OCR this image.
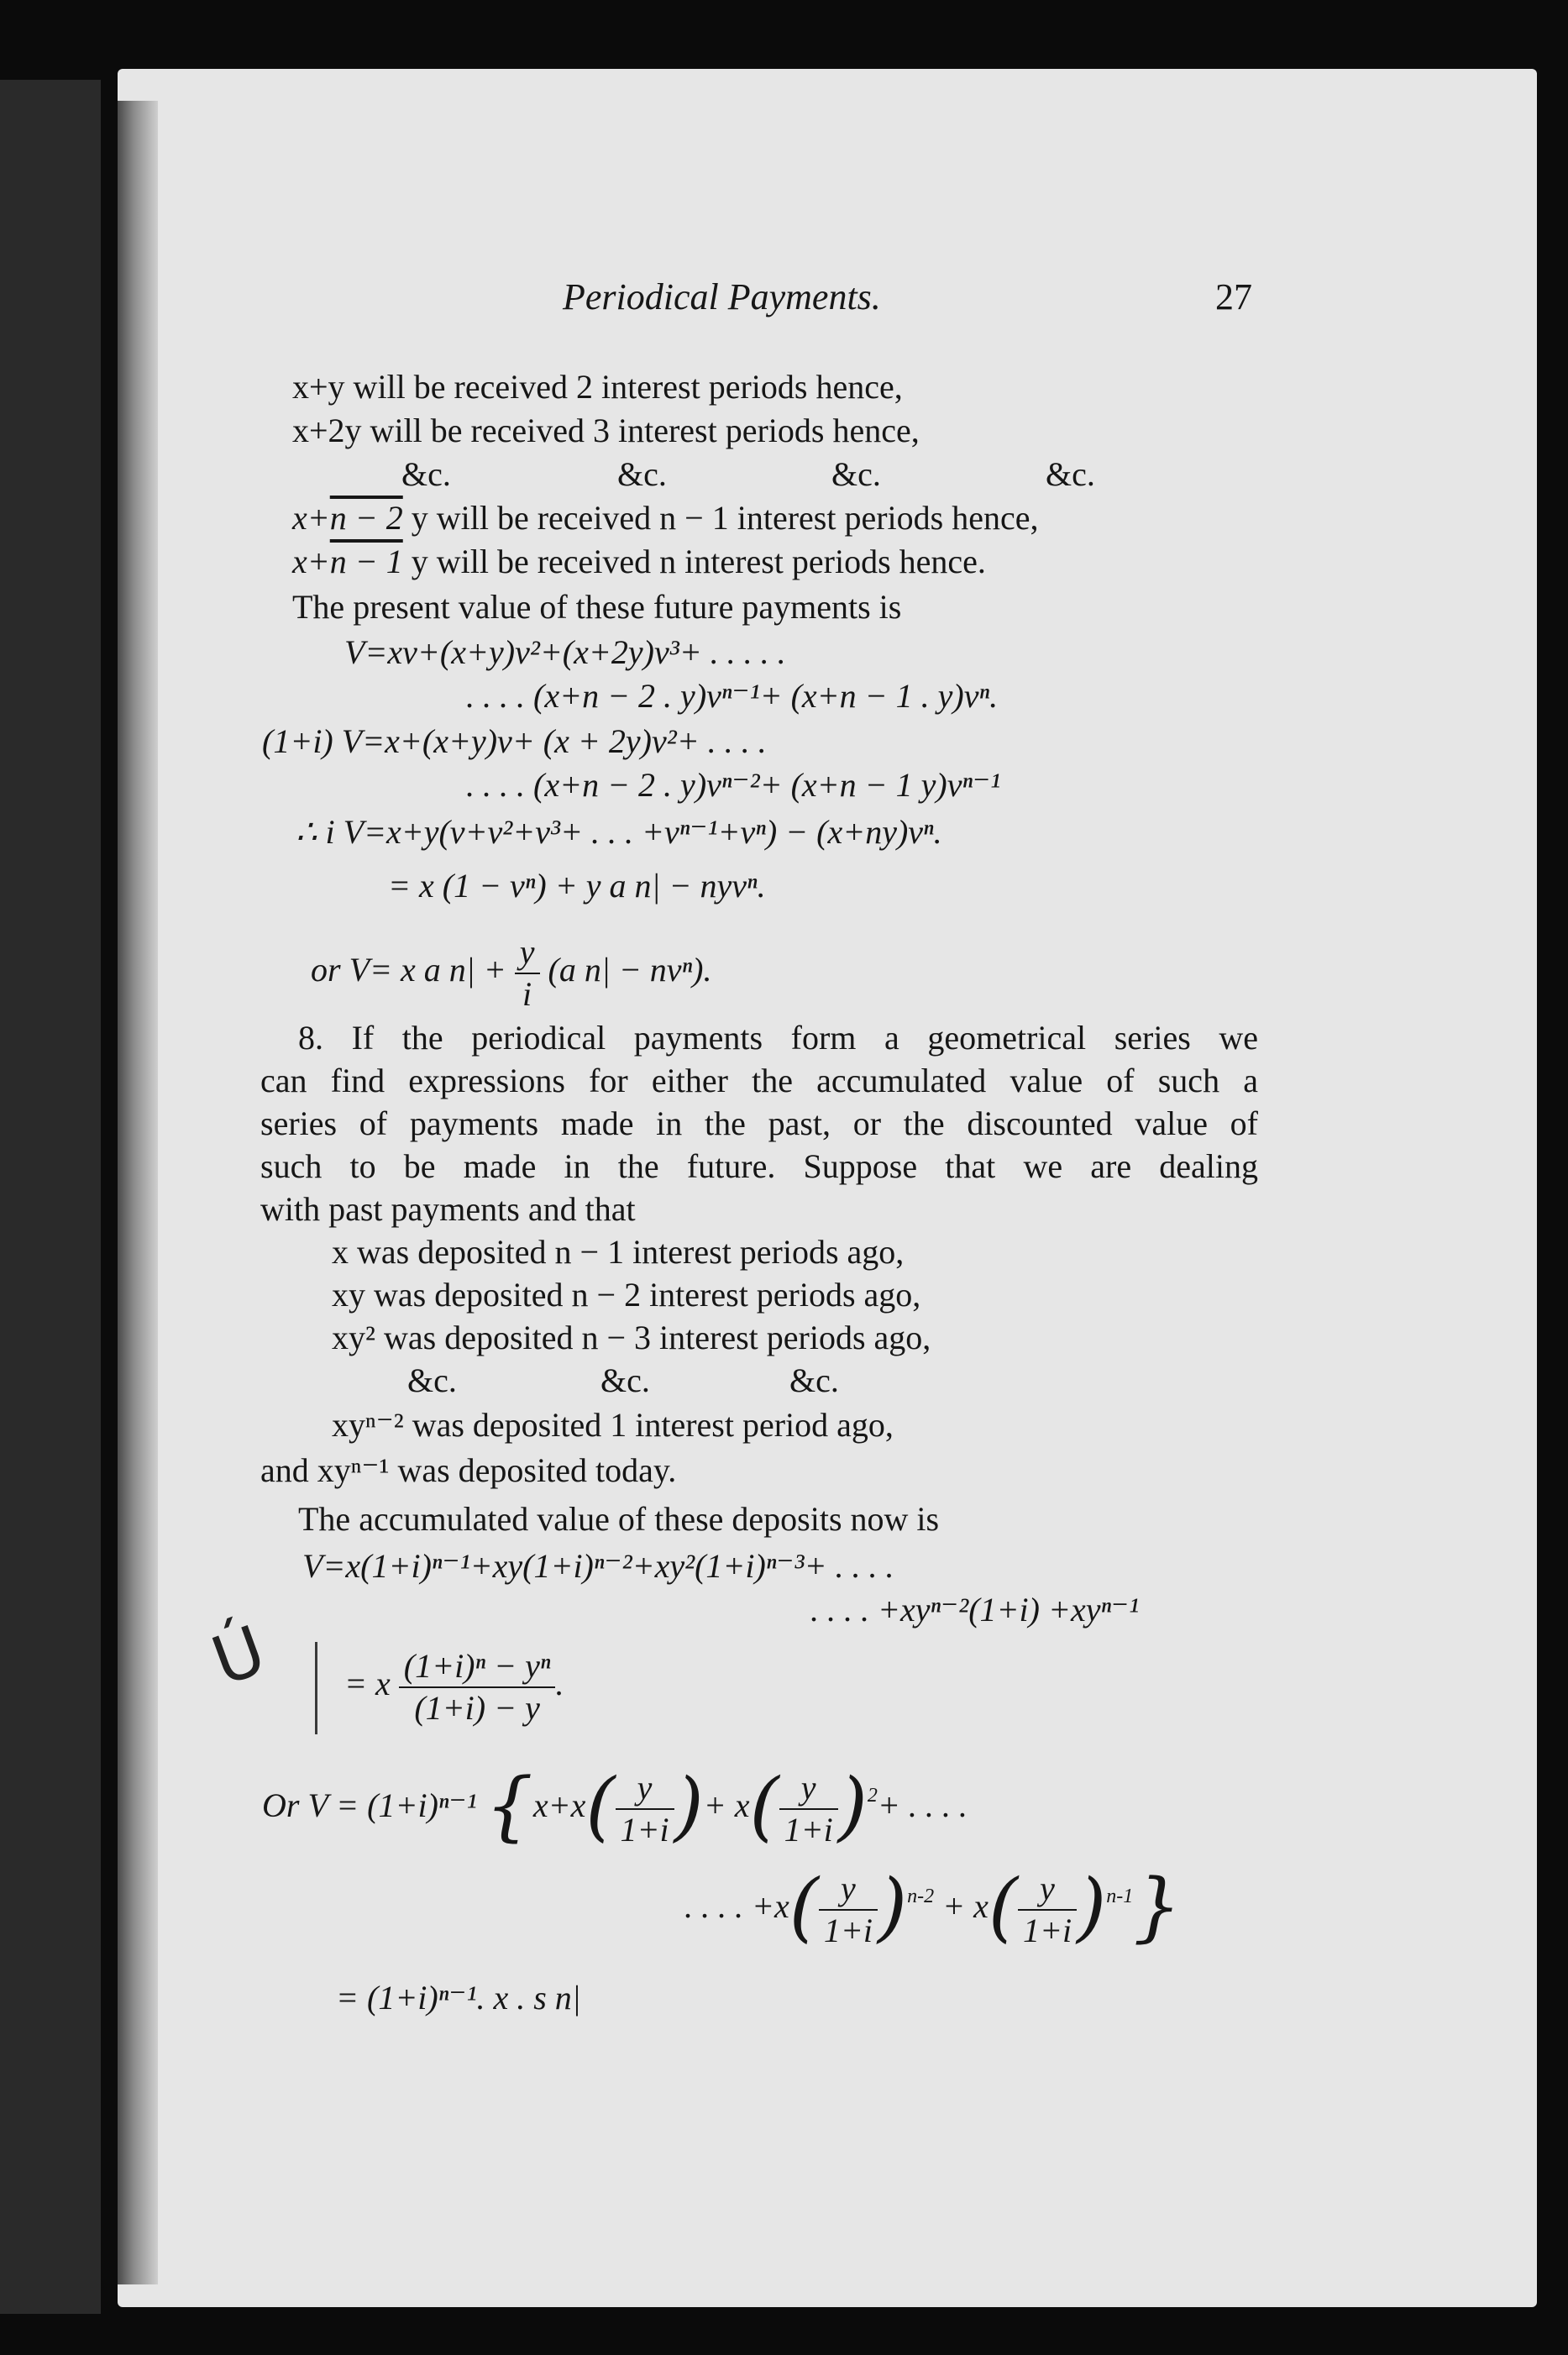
Periodical Payments.	27
x+y will be received 2 interest periods hence,
x+2y will be received 3 interest periods hence,
&c.	&c.	&c.	&c.
x+n − 2 y will be received n − 1 interest periods hence,
x+n − 1 y will be received n interest periods hence.
The present value of these future payments is
V=xv+(x+y)v²+(x+2y)v³+ . . . . .
. . . . (x+n − 2 . y)vⁿ⁻¹+ (x+n − 1 . y)vⁿ.
(1+i) V=x+(x+y)v+ (x + 2y)v²+ . . . .
. . . . (x+n − 2 . y)vⁿ⁻²+ (x+n − 1 y)vⁿ⁻¹
∴ i V=x+y(v+v²+v³+ . . . +vⁿ⁻¹+vⁿ) − (x+ny)vⁿ.
= x (1 − vⁿ) + y a n| − nyvⁿ.
or V= x a $n| + \frac{y}{i} (a$ n| − nvⁿ).
8. If the periodical payments form a geometrical series we
can find expressions for either the accumulated value of such a
series of payments made in the past, or the discounted value of
such to be made in the future. Suppose that we are dealing
with past payments and that
x was deposited n − 1 interest periods ago,
xy was deposited n − 2 interest periods ago,
xy² was deposited n − 3 interest periods ago,
&c.	&c.	&c.
xyⁿ⁻² was deposited 1 interest period ago,
and xyⁿ⁻¹ was deposited today.
The accumulated value of these deposits now is
V=x(1+i)ⁿ⁻¹+xy(1+i)ⁿ⁻²+xy²(1+i)ⁿ⁻³+ . . . .
. . . . +xyⁿ⁻²(1+i) +xyⁿ⁻¹
Ú = x $\frac{\text{(1+i)ⁿ − yⁿ}}{(1+i) - y}$ .
Or V = (1+i)ⁿ⁻¹ {$x+x( \frac{y}{1+i}$ )+ $x( \frac{y}{1+i} )^2+$ . . . .
. . . . $+x( \frac{y}{1+i} )^{n-2} + x( \frac{y}{1+i} )^{n-1}$}
= (1+i)ⁿ⁻¹. x . s n|
